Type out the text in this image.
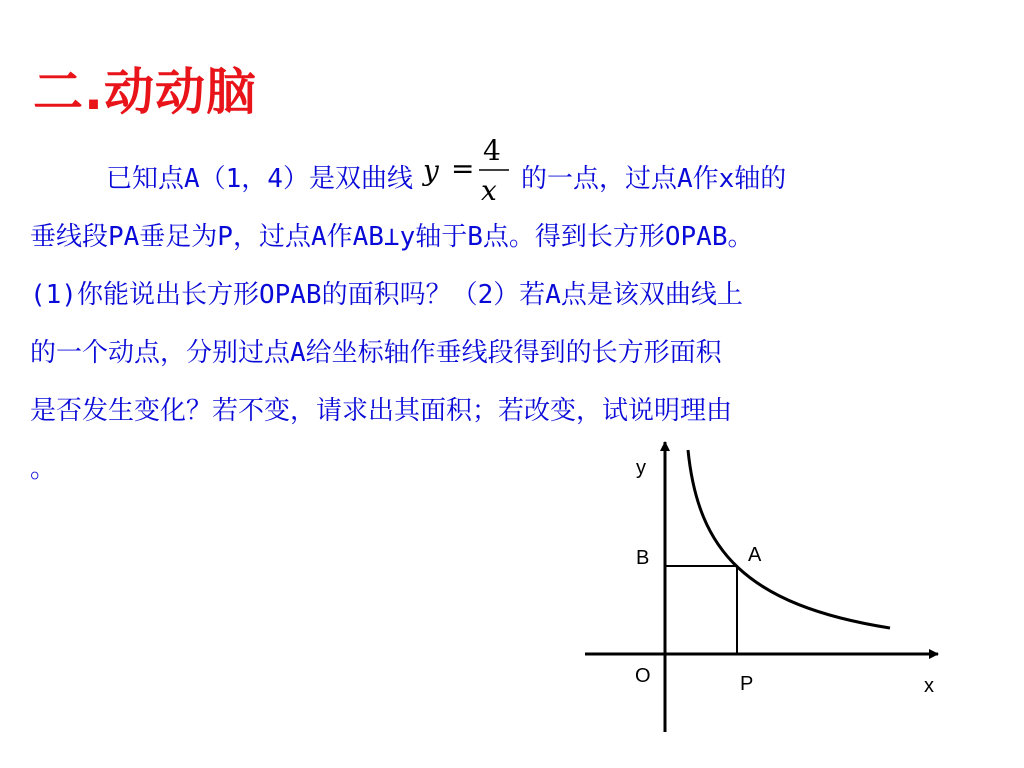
二.动动脑
已知点A（1，4）是双曲线 y =
4
x 的一点，过点A作x轴的
垂线段PA垂足为P，过点A作AB⊥y轴于B点。得到长方形OPAB。
(1)你能说出长方形OPAB的面积吗？（2）若A点是该双曲线上
的一个动点，分别过点A给坐标轴作垂线段得到的长方形面积
是否发生变化？若不变，请求出其面积；若改变，试说明理由
。	y
x
O
B	A
P
